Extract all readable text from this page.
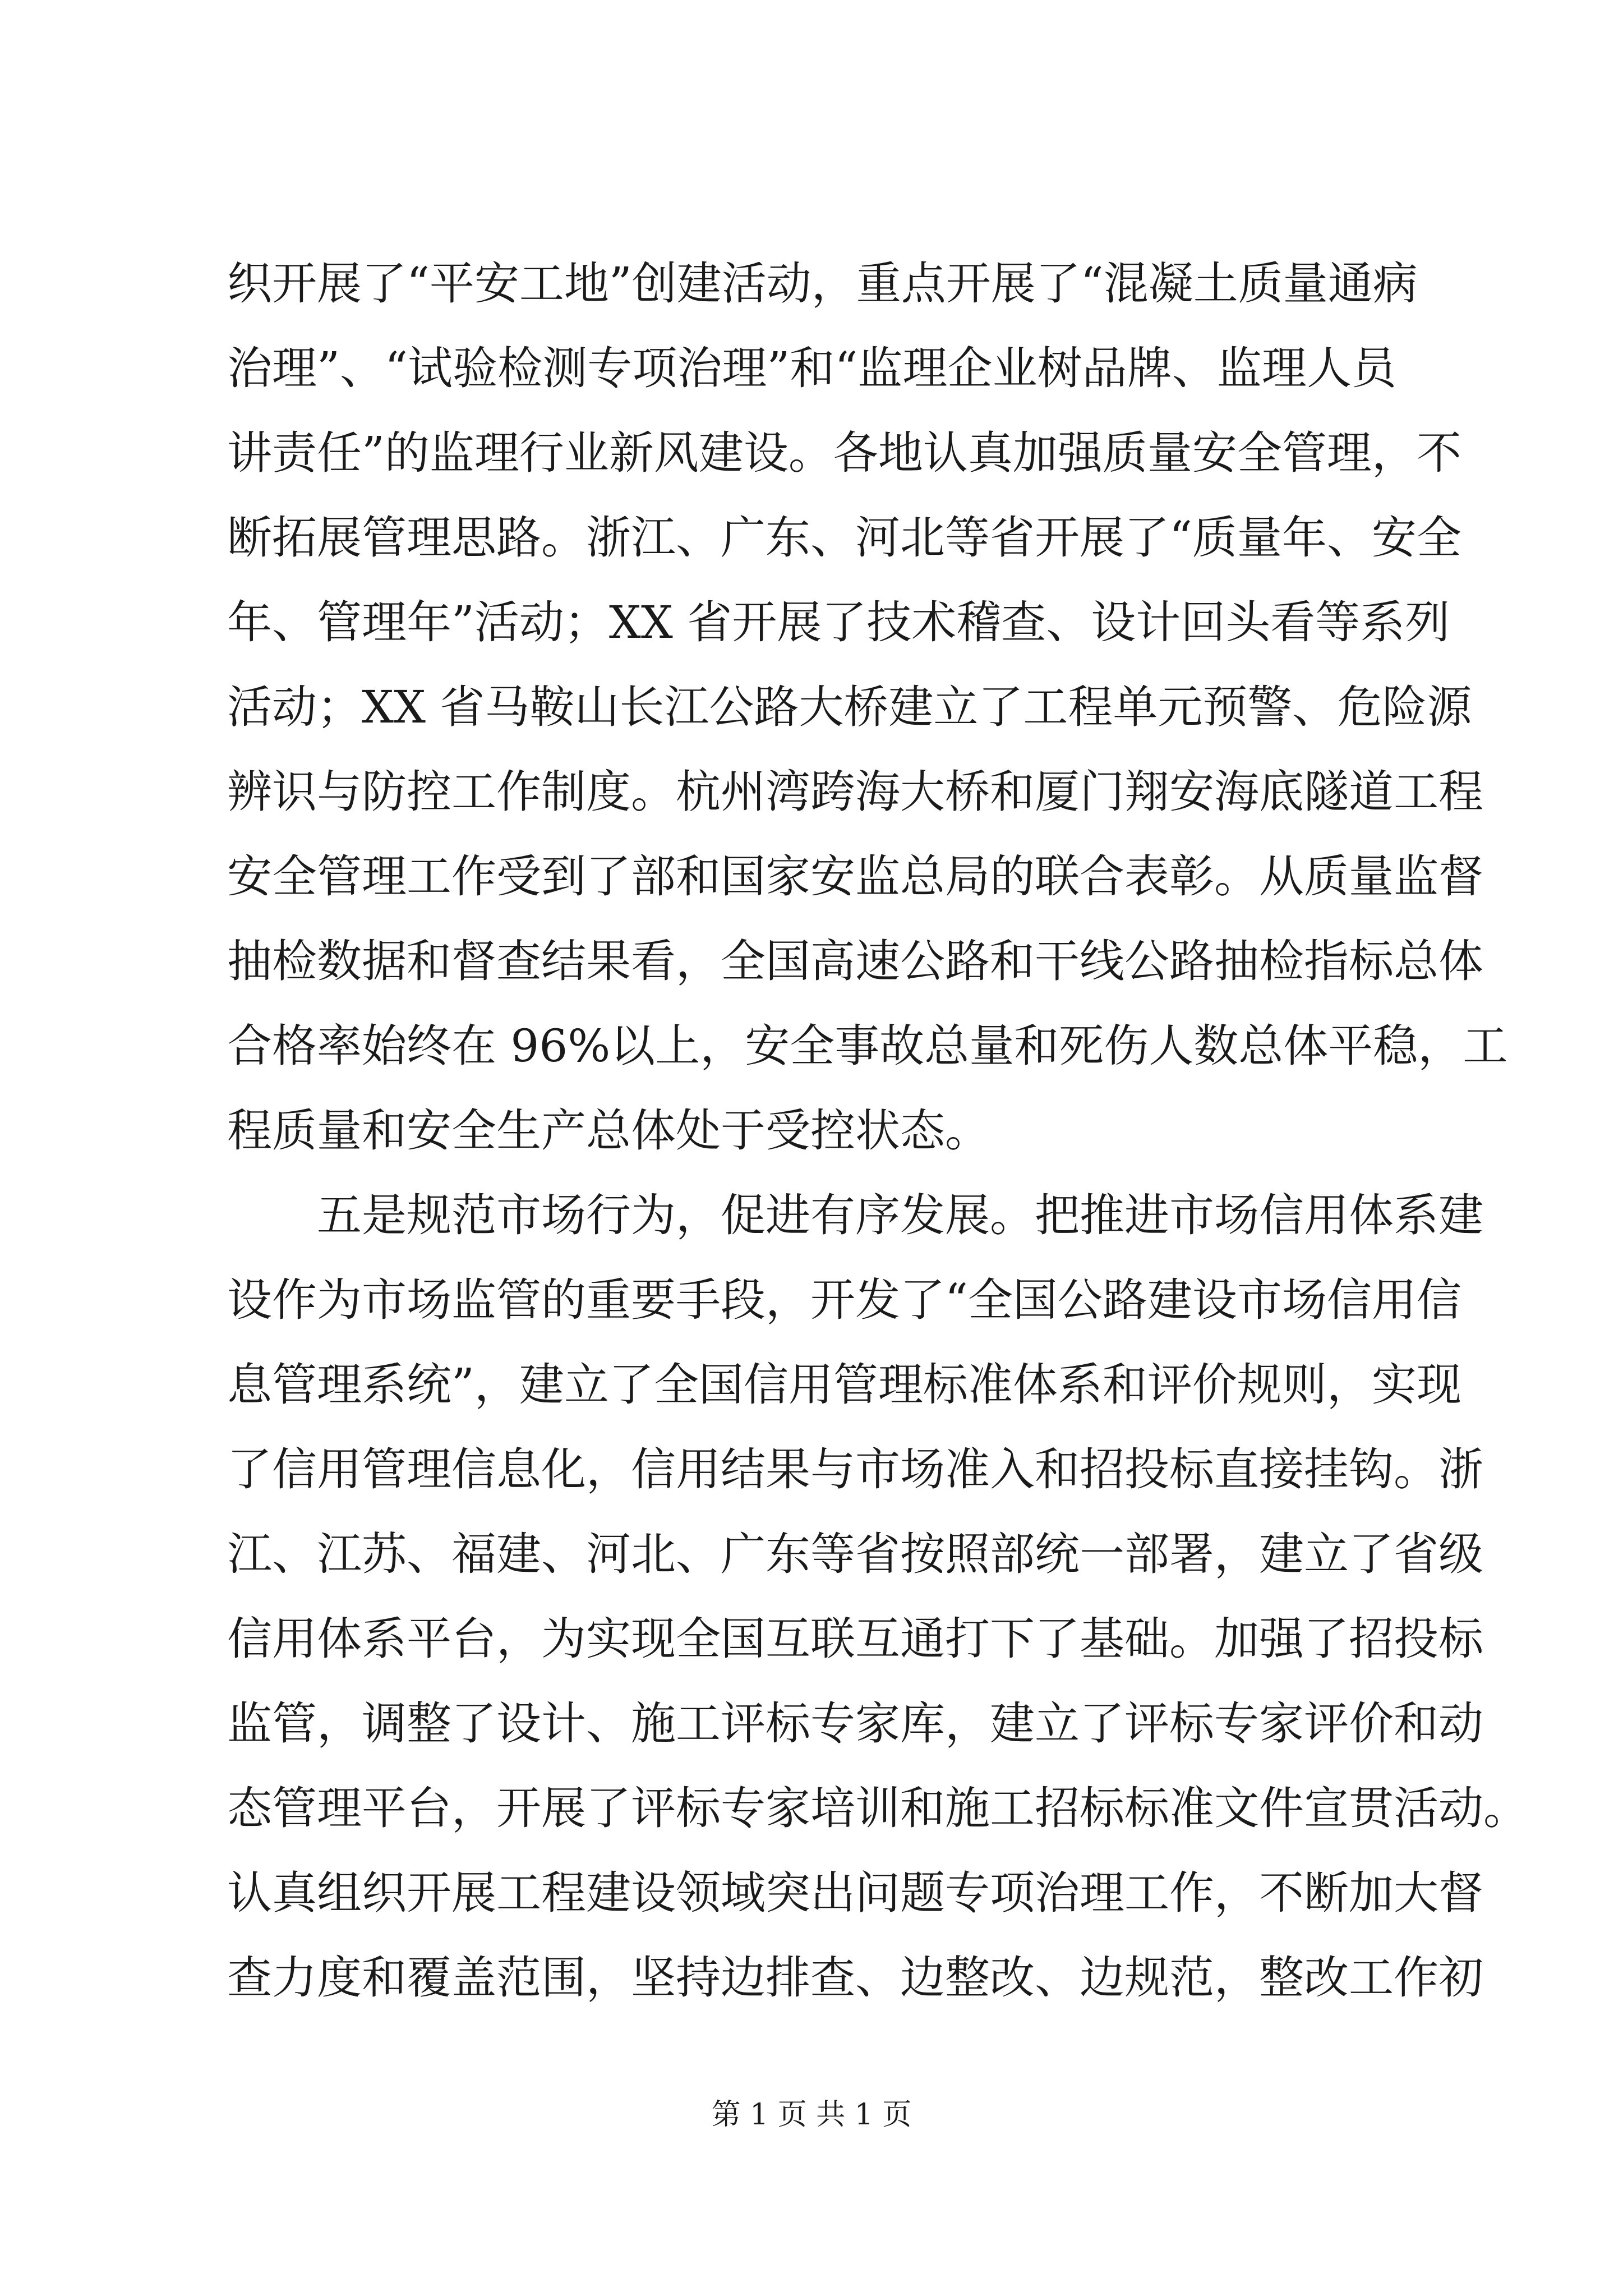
织开展了“平安工地”创建活动，重点开展了“混凝土质量通病
治理”、“试验检测专项治理”和“监理企业树品牌、监理人员
讲责任”的监理行业新风建设。各地认真加强质量安全管理，不
断拓展管理思路。浙江、广东、河北等省开展了“质量年、安全
年、管理年”活动；XX 省开展了技术稽查、设计回头看等系列
活动；XX 省马鞍山长江公路大桥建立了工程单元预警、危险源
辨识与防控工作制度。杭州湾跨海大桥和厦门翔安海底隧道工程
安全管理工作受到了部和国家安监总局的联合表彰。从质量监督
抽检数据和督查结果看，全国高速公路和干线公路抽检指标总体
合格率始终在 96%以上，安全事故总量和死伤人数总体平稳，工
程质量和安全生产总体处于受控状态。
五是规范市场行为，促进有序发展。把推进市场信用体系建
设作为市场监管的重要手段，开发了“全国公路建设市场信用信
息管理系统”，建立了全国信用管理标准体系和评价规则，实现
了信用管理信息化，信用结果与市场准入和招投标直接挂钩。浙
江、江苏、福建、河北、广东等省按照部统一部署，建立了省级
信用体系平台，为实现全国互联互通打下了基础。加强了招投标
监管，调整了设计、施工评标专家库，建立了评标专家评价和动
态管理平台，开展了评标专家培训和施工招标标准文件宣贯活动。
认真组织开展工程建设领域突出问题专项治理工作，不断加大督
查力度和覆盖范围，坚持边排查、边整改、边规范，整改工作初
第 1 页 共 1 页
